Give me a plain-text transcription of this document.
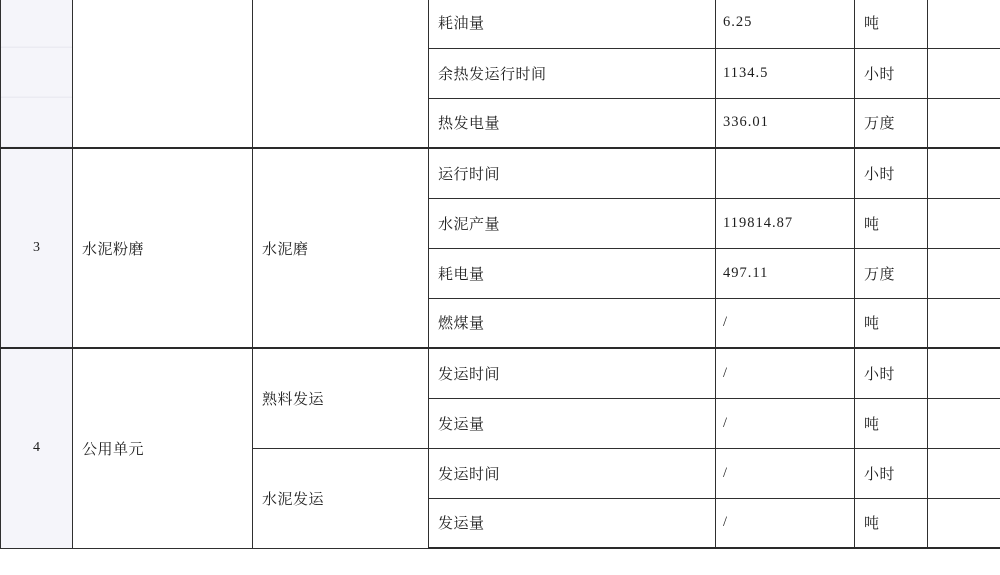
			耗油量	6.25	吨	
			余热发运行时间	1134.5	小时	
			热发电量	336.01	万度	
3	水泥粉磨	水泥磨	运行时间		小时	
			水泥产量	119814.87	吨	
			耗电量	497.11	万度	
			燃煤量	/	吨	
4	公用单元	熟料发运	发运时间	/	小时	
			发运量	/	吨	
		水泥发运	发运时间	/	小时	
			发运量	/	吨	
